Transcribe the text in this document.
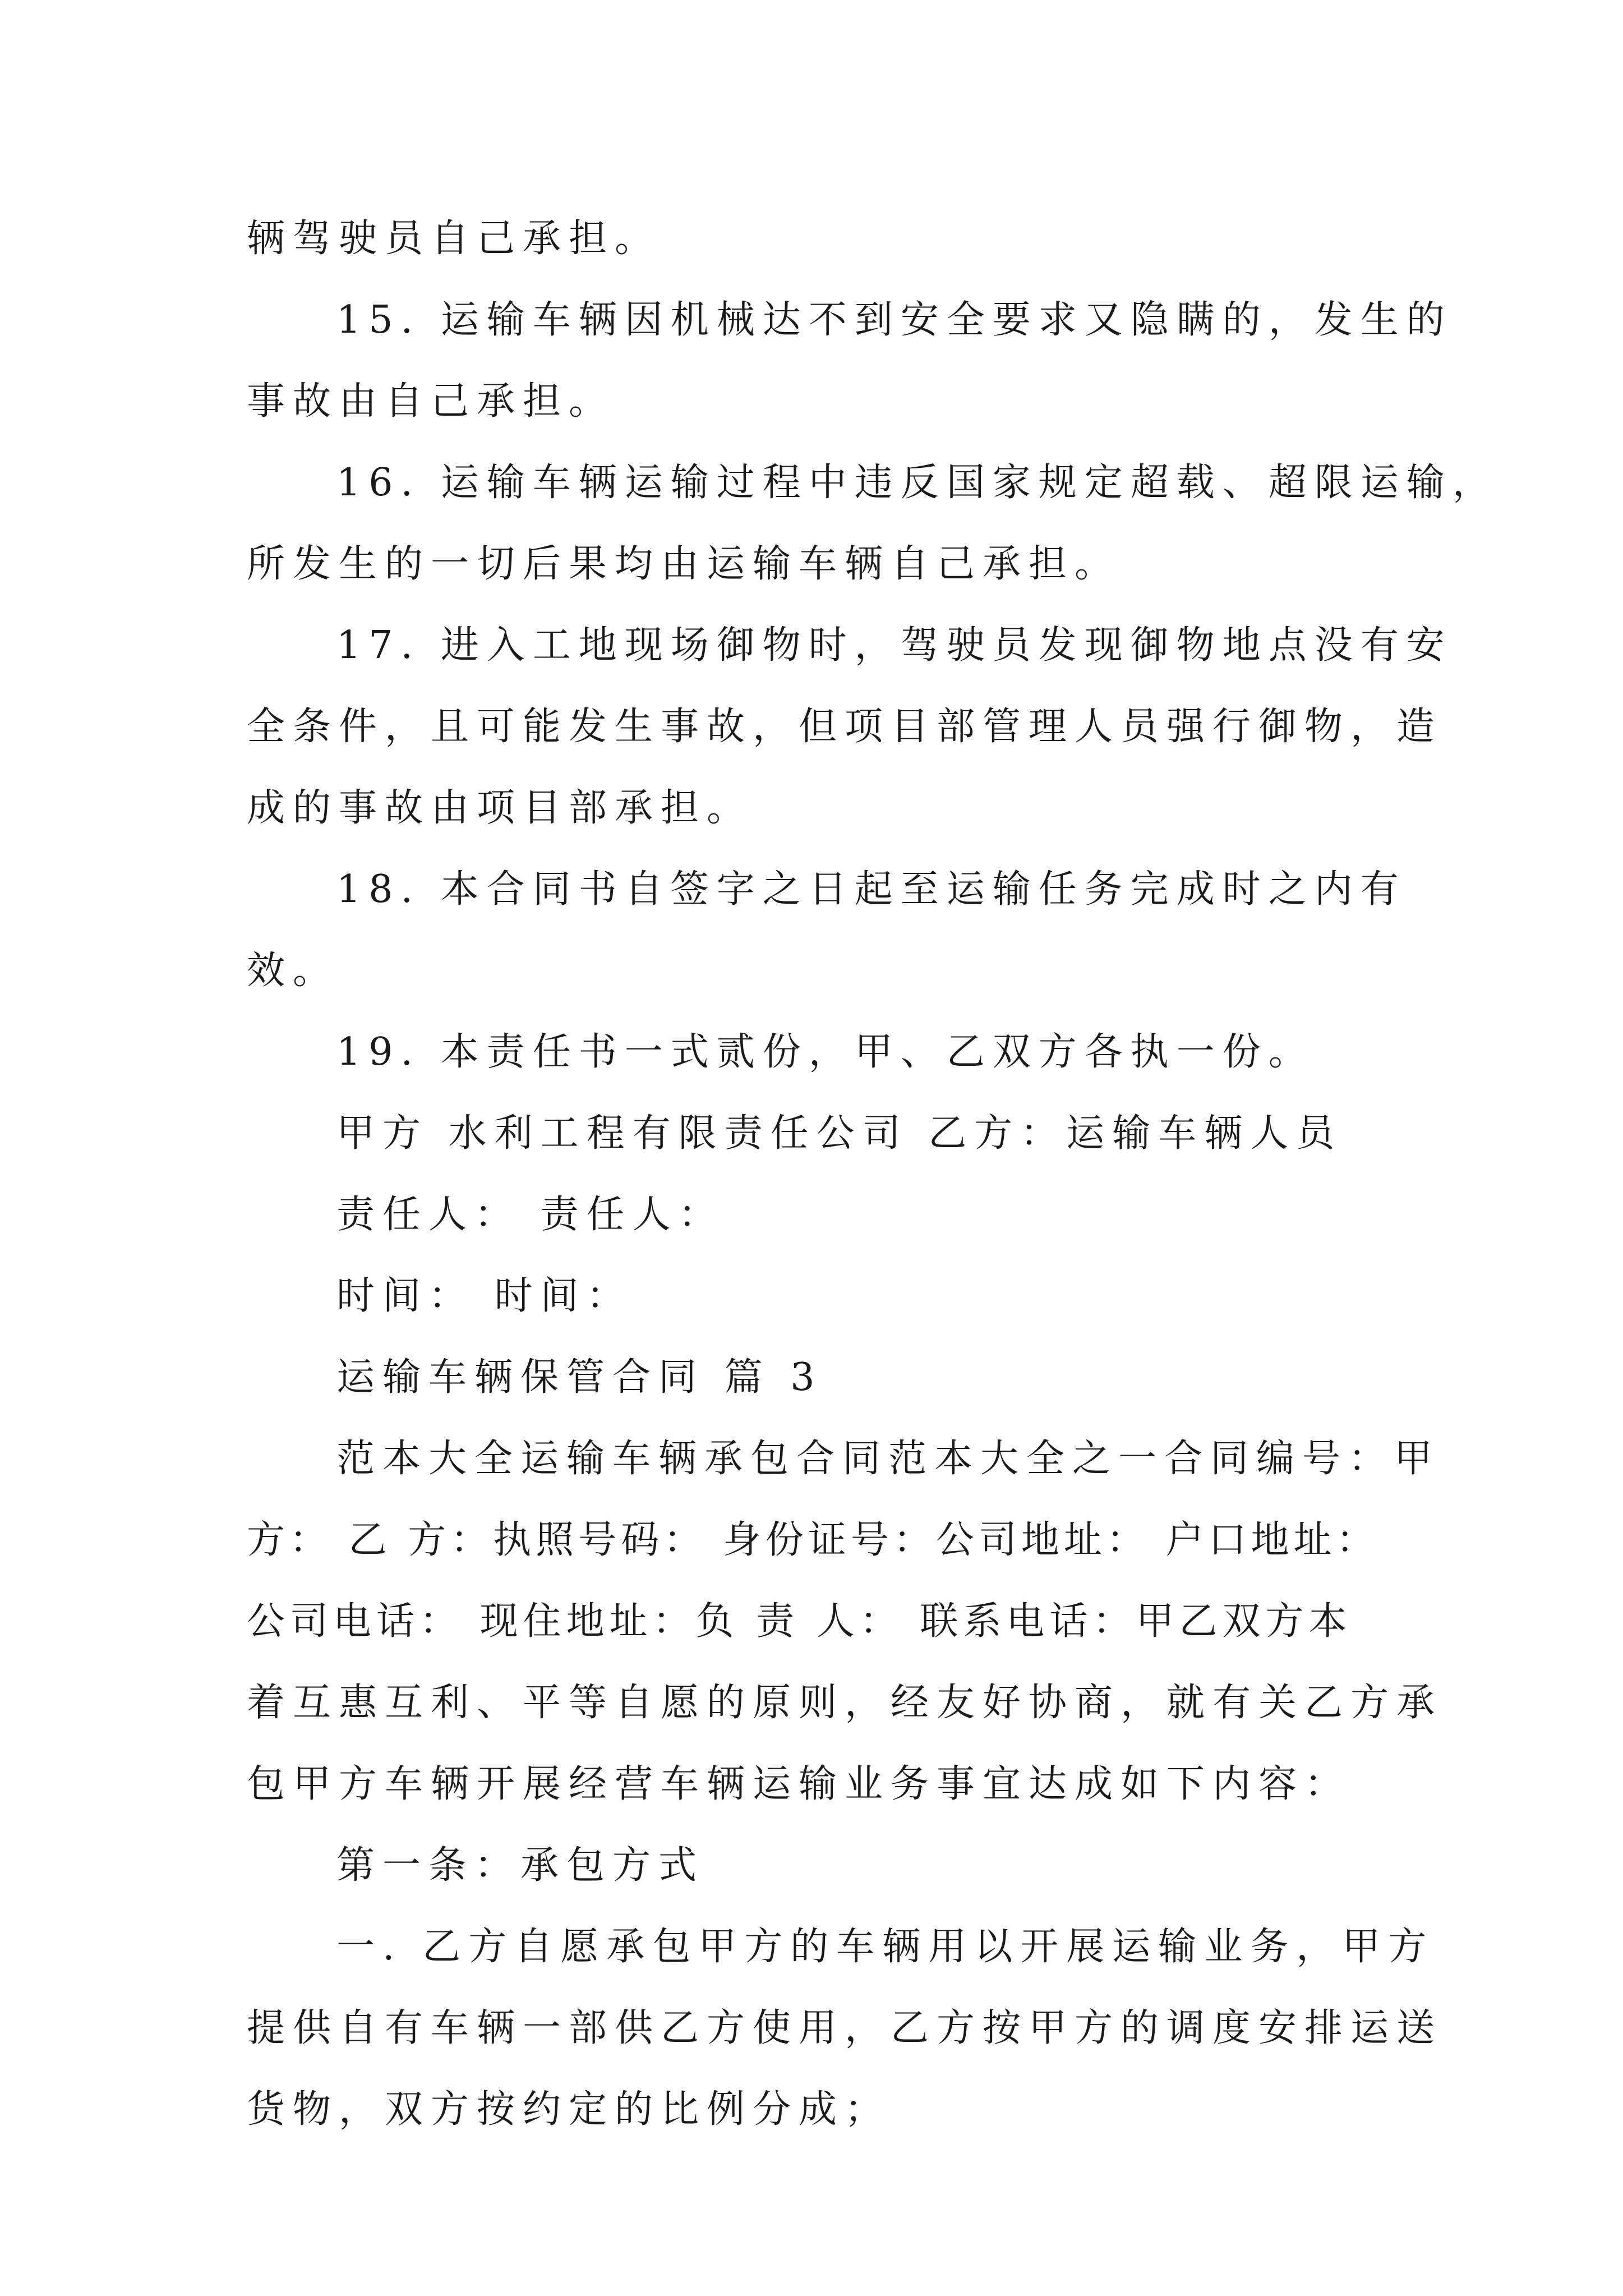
辆驾驶员自己承担。
15. 运输车辆因机械达不到安全要求又隐瞒的，发生的
事故由自己承担。
16. 运输车辆运输过程中违反国家规定超载、超限运输，
所发生的一切后果均由运输车辆自己承担。
17. 进入工地现场御物时，驾驶员发现御物地点没有安
全条件，且可能发生事故，但项目部管理人员强行御物，造
成的事故由项目部承担。
18. 本合同书自签字之日起至运输任务完成时之内有
效。
19. 本责任书一式贰份，甲、乙双方各执一份。
甲方 水利工程有限责任公司 乙方：运输车辆人员
责任人： 责任人：
时间： 时间：
运输车辆保管合同 篇 3
范本大全运输车辆承包合同范本大全之一合同编号：甲
方： 乙 方：执照号码： 身份证号：公司地址： 户口地址：
公司电话： 现住地址：负 责 人： 联系电话：甲乙双方本
着互惠互利、平等自愿的原则，经友好协商，就有关乙方承
包甲方车辆开展经营车辆运输业务事宜达成如下内容：
第一条：承包方式
一. 乙方自愿承包甲方的车辆用以开展运输业务，甲方
提供自有车辆一部供乙方使用，乙方按甲方的调度安排运送
货物，双方按约定的比例分成；
